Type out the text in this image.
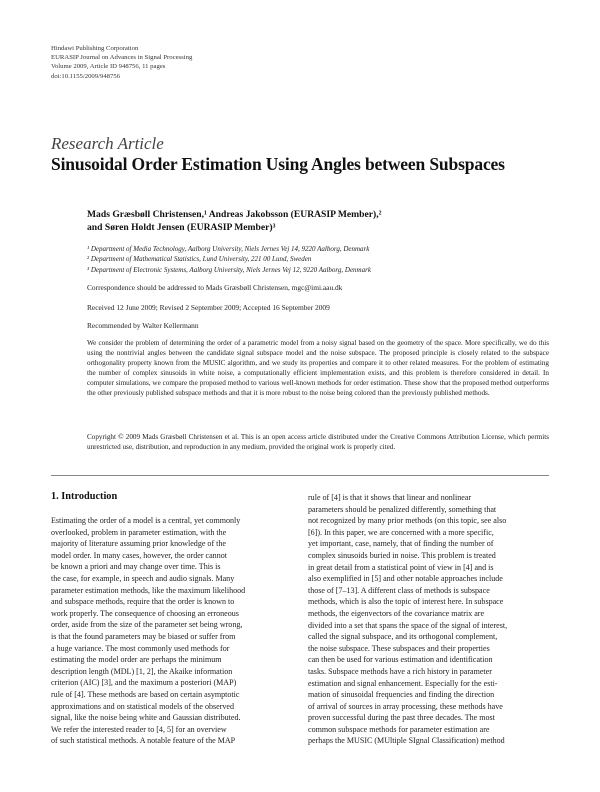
Hindawi Publishing Corporation
EURASIP Journal on Advances in Signal Processing
Volume 2009, Article ID 948756, 11 pages
doi:10.1155/2009/948756
Research Article
Sinusoidal Order Estimation Using Angles between Subspaces
Mads Græsbøll Christensen,¹ Andreas Jakobsson (EURASIP Member),²
and Søren Holdt Jensen (EURASIP Member)³
¹ Department of Media Technology, Aalborg University, Niels Jernes Vej 14, 9220 Aalborg, Denmark
² Department of Mathematical Statistics, Lund University, 221 00 Lund, Sweden
³ Department of Electronic Systems, Aalborg University, Niels Jernes Vej 12, 9220 Aalborg, Denmark
Correspondence should be addressed to Mads Græsbøll Christensen, mgc@imi.aau.dk
Received 12 June 2009; Revised 2 September 2009; Accepted 16 September 2009
Recommended by Walter Kellermann
We consider the problem of determining the order of a parametric model from a noisy signal based on the geometry of the space. More specifically, we do this using the nontrivial angles between the candidate signal subspace model and the noise subspace. The proposed principle is closely related to the subspace orthogonality property known from the MUSIC algorithm, and we study its properties and compare it to other related measures. For the problem of estimating the number of complex sinusoids in white noise, a computationally efficient implementation exists, and this problem is therefore considered in detail. In computer simulations, we compare the proposed method to various well-known methods for order estimation. These show that the proposed method outperforms the other previously published subspace methods and that it is more robust to the noise being colored than the previously published methods.
Copyright © 2009 Mads Græsbøll Christensen et al. This is an open access article distributed under the Creative Commons Attribution License, which permits unrestricted use, distribution, and reproduction in any medium, provided the original work is properly cited.
1. Introduction
Estimating the order of a model is a central, yet commonly
overlooked, problem in parameter estimation, with the
majority of literature assuming prior knowledge of the
model order. In many cases, however, the order cannot
be known a priori and may change over time. This is
the case, for example, in speech and audio signals. Many
parameter estimation methods, like the maximum likelihood
and subspace methods, require that the order is known to
work properly. The consequence of choosing an erroneous
order, aside from the size of the parameter set being wrong,
is that the found parameters may be biased or suffer from
a huge variance. The most commonly used methods for
estimating the model order are perhaps the minimum
description length (MDL) [1, 2], the Akaike information
criterion (AIC) [3], and the maximum a posteriori (MAP)
rule of [4]. These methods are based on certain asymptotic
approximations and on statistical models of the observed
signal, like the noise being white and Gaussian distributed.
We refer the interested reader to [4, 5] for an overview
of such statistical methods. A notable feature of the MAP
rule of [4] is that it shows that linear and nonlinear
parameters should be penalized differently, something that
not recognized by many prior methods (on this topic, see also
[6]). In this paper, we are concerned with a more specific,
yet important, case, namely, that of finding the number of
complex sinusoids buried in noise. This problem is treated
in great detail from a statistical point of view in [4] and is
also exemplified in [5] and other notable approaches include
those of [7–13]. A different class of methods is subspace
methods, which is also the topic of interest here. In subspace
methods, the eigenvectors of the covariance matrix are
divided into a set that spans the space of the signal of interest,
called the signal subspace, and its orthogonal complement,
the noise subspace. These subspaces and their properties
can then be used for various estimation and identification
tasks. Subspace methods have a rich history in parameter
estimation and signal enhancement. Especially for the esti-
mation of sinusoidal frequencies and finding the direction
of arrival of sources in array processing, these methods have
proven successful during the past three decades. The most
common subspace methods for parameter estimation are
perhaps the MUSIC (MUltiple SIgnal Classification) method
